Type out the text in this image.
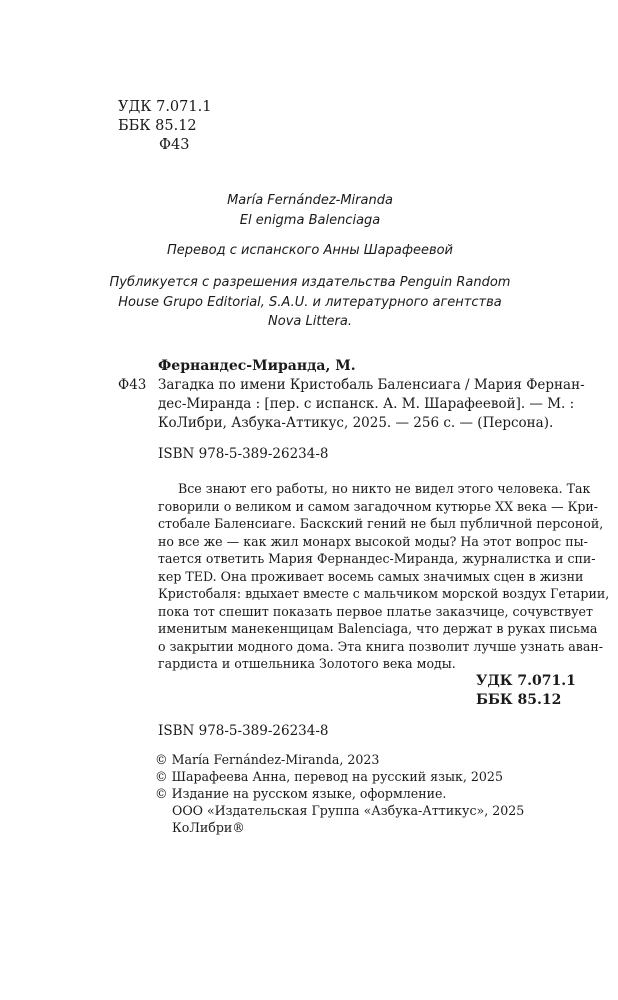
УДК 7.071.1
ББК 85.12
Ф43
María Fernández-Miranda
El enigma Balenciaga
Перевод с испанского Анны Шарафеевой
Публикуется с разрешения издательства Penguin Random
House Grupo Editorial, S.A.U. и литературного агентства
Nova Littera.
Фернандес-Миранда, М.
Ф43 Загадка по имени Кристобаль Баленсиага / Мария Фернан-
дес-Миранда : [пер. с испанск. А. М. Шарафеевой]. — М. :
КоЛибри, Азбука-Аттикус, 2025. — 256 с. — (Персона).
ISBN 978-5-389-26234-8
Все знают его работы, но никто не видел этого человека. Так
говорили о великом и самом загадочном кутюрье XX века — Кри-
стобале Баленсиаге. Баскский гений не был публичной персоной,
но все же — как жил монарх высокой моды? На этот вопрос пы-
тается ответить Мария Фернандес-Миранда, журналистка и спи-
кер TED. Она проживает восемь самых значимых сцен в жизни
Кристобаля: вдыхает вместе с мальчиком морской воздух Гетарии,
пока тот спешит показать первое платье заказчице, сочувствует
именитым манекенщицам Balenciaga, что держат в руках письма
о закрытии модного дома. Эта книга позволит лучше узнать аван-
гардиста и отшельника Золотого века моды.
УДК 7.071.1
ББК 85.12
ISBN 978-5-389-26234-8
© María Fernández-Miranda, 2023
© Шарафеева Анна, перевод на русский язык, 2025
© Издание на русском языке, оформление.
ООО «Издательская Группа «Азбука-Аттикус», 2025
КоЛибри®
